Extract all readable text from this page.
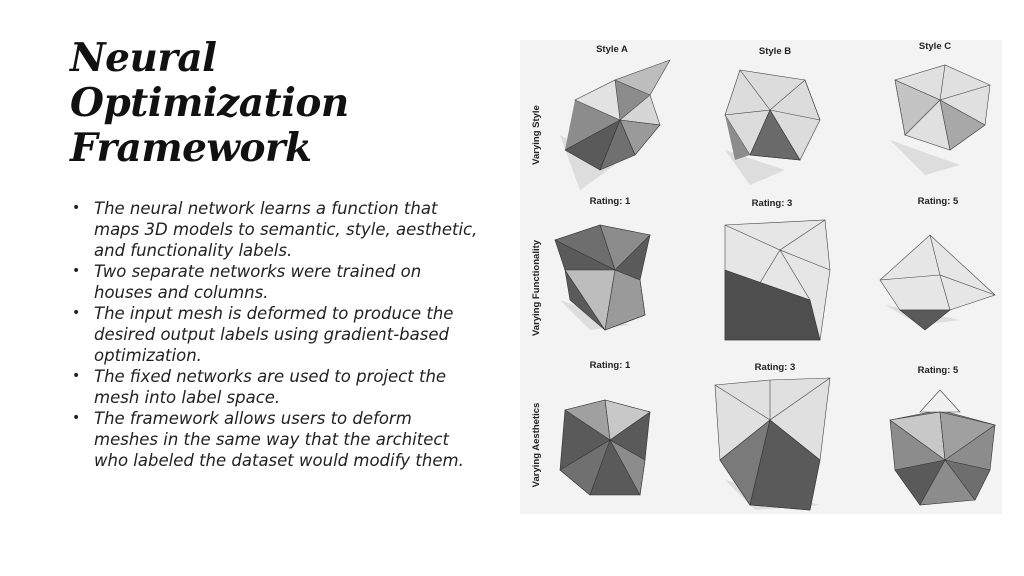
Neural
Optimization
Framework
• The neural network learns a function that maps 3D models to semantic, style, aesthetic, and functionality labels.
• Two separate networks were trained on houses and columns.
• The input mesh is deformed to produce the desired output labels using gradient-based optimization.
• The fixed networks are used to project the mesh into label space.
• The framework allows users to deform meshes in the same way that the architect who labeled the dataset would modify them.
Varying Style
Varying Functionality
Varying Aesthetics
Style A	Style B	Style C
Rating: 1	Rating: 3	Rating: 5
Rating: 1	Rating: 3	Rating: 5
